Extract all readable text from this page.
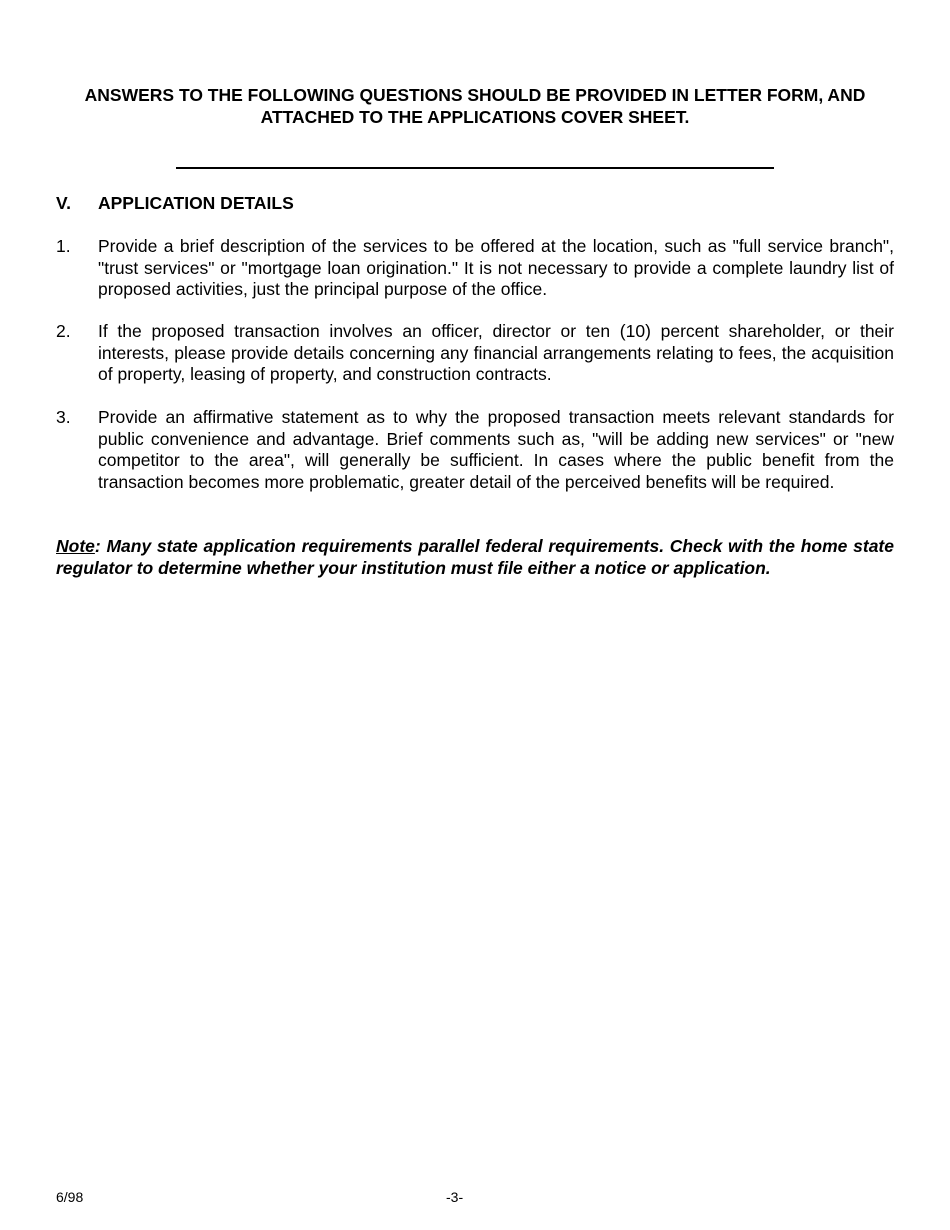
ANSWERS TO THE FOLLOWING QUESTIONS SHOULD BE PROVIDED IN LETTER FORM, AND
ATTACHED TO THE APPLICATIONS COVER SHEET.
V. APPLICATION DETAILS
1. Provide a brief description of the services to be offered at the location, such as "full service branch", "trust services" or "mortgage loan origination." It is not necessary to provide a complete laundry list of proposed activities, just the principal purpose of the office.
2. If the proposed transaction involves an officer, director or ten (10) percent shareholder, or their interests, please provide details concerning any financial arrangements relating to fees, the acquisition of property, leasing of property, and construction contracts.
3. Provide an affirmative statement as to why the proposed transaction meets relevant standards for public convenience and advantage. Brief comments such as, "will be adding new services" or "new competitor to the area", will generally be sufficient. In cases where the public benefit from the transaction becomes more problematic, greater detail of the perceived benefits will be required.
Note: Many state application requirements parallel federal requirements. Check with the home state regulator to determine whether your institution must file either a notice or application.
6/98	-3-
